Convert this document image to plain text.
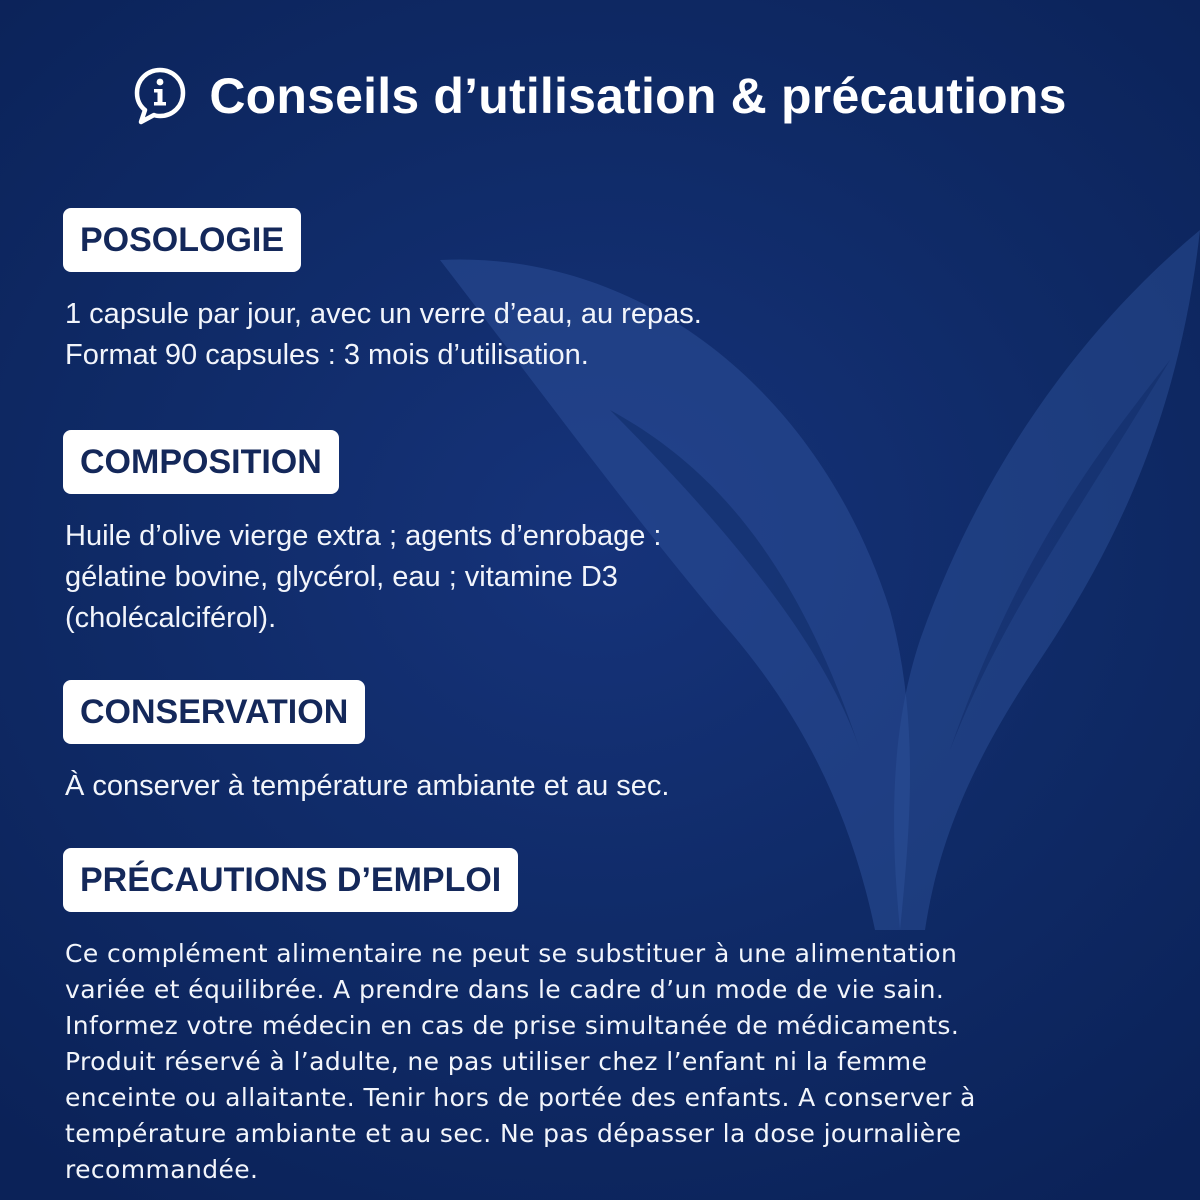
Conseils d’utilisation & précautions
POSOLOGIE
1 capsule par jour, avec un verre d’eau, au repas.
Format 90 capsules : 3 mois d’utilisation.
COMPOSITION
Huile d’olive vierge extra ; agents d’enrobage :
gélatine bovine, glycérol, eau ; vitamine D3
(cholécalciférol).
CONSERVATION
À conserver à température ambiante et au sec.
PRÉCAUTIONS D’EMPLOI
Ce complément alimentaire ne peut se substituer à une alimentation
variée et équilibrée. A prendre dans le cadre d’un mode de vie sain.
Informez votre médecin en cas de prise simultanée de médicaments.
Produit réservé à l’adulte, ne pas utiliser chez l’enfant ni la femme
enceinte ou allaitante. Tenir hors de portée des enfants. A conserver à
température ambiante et au sec. Ne pas dépasser la dose journalière
recommandée.
